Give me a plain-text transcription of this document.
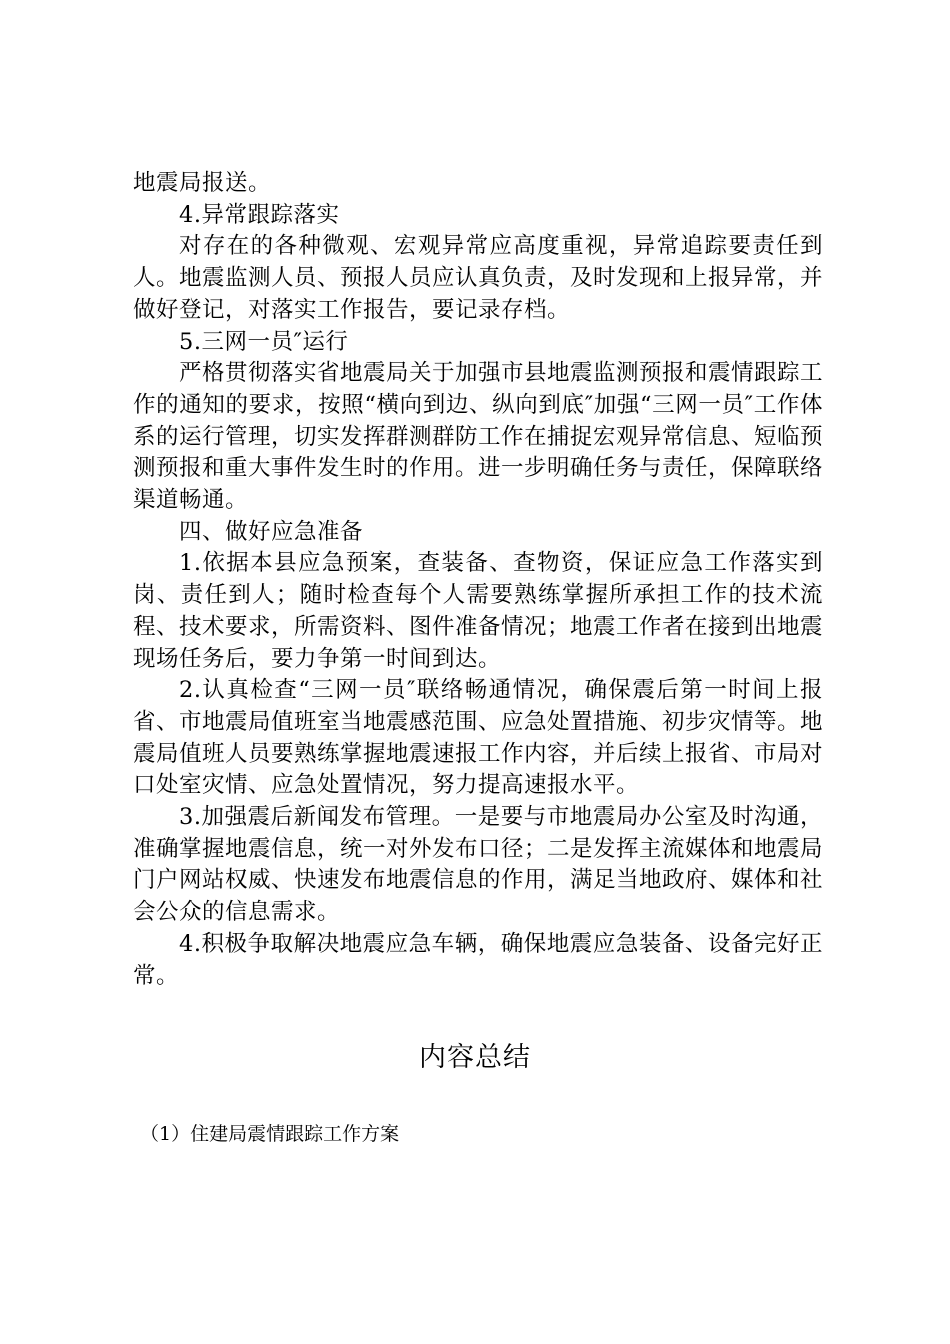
地震局报送。

4.异常跟踪落实

对存在的各种微观、宏观异常应高度重视，异常追踪要责任到人。地震监测人员、预报人员应认真负责，及时发现和上报异常，并做好登记，对落实工作报告，要记录存档。

5.三网一员″运行

严格贯彻落实省地震局关于加强市县地震监测预报和震情跟踪工作的通知的要求，按照“横向到边、纵向到底″加强“三网一员″工作体系的运行管理，切实发挥群测群防工作在捕捉宏观异常信息、短临预测预报和重大事件发生时的作用。进一步明确任务与责任，保障联络渠道畅通。

四、做好应急准备

1.依据本县应急预案，查装备、查物资，保证应急工作落实到岗、责任到人；随时检查每个人需要熟练掌握所承担工作的技术流程、技术要求，所需资料、图件准备情况；地震工作者在接到出地震现场任务后，要力争第一时间到达。

2.认真检查“三网一员″联络畅通情况，确保震后第一时间上报省、市地震局值班室当地震感范围、应急处置措施、初步灾情等。地震局值班人员要熟练掌握地震速报工作内容，并后续上报省、市局对口处室灾情、应急处置情况，努力提高速报水平。

3.加强震后新闻发布管理。一是要与市地震局办公室及时沟通，准确掌握地震信息，统一对外发布口径；二是发挥主流媒体和地震局门户网站权威、快速发布地震信息的作用，满足当地政府、媒体和社会公众的信息需求。

4.积极争取解决地震应急车辆，确保地震应急装备、设备完好正常。

内容总结

（1）住建局震情跟踪工作方案
